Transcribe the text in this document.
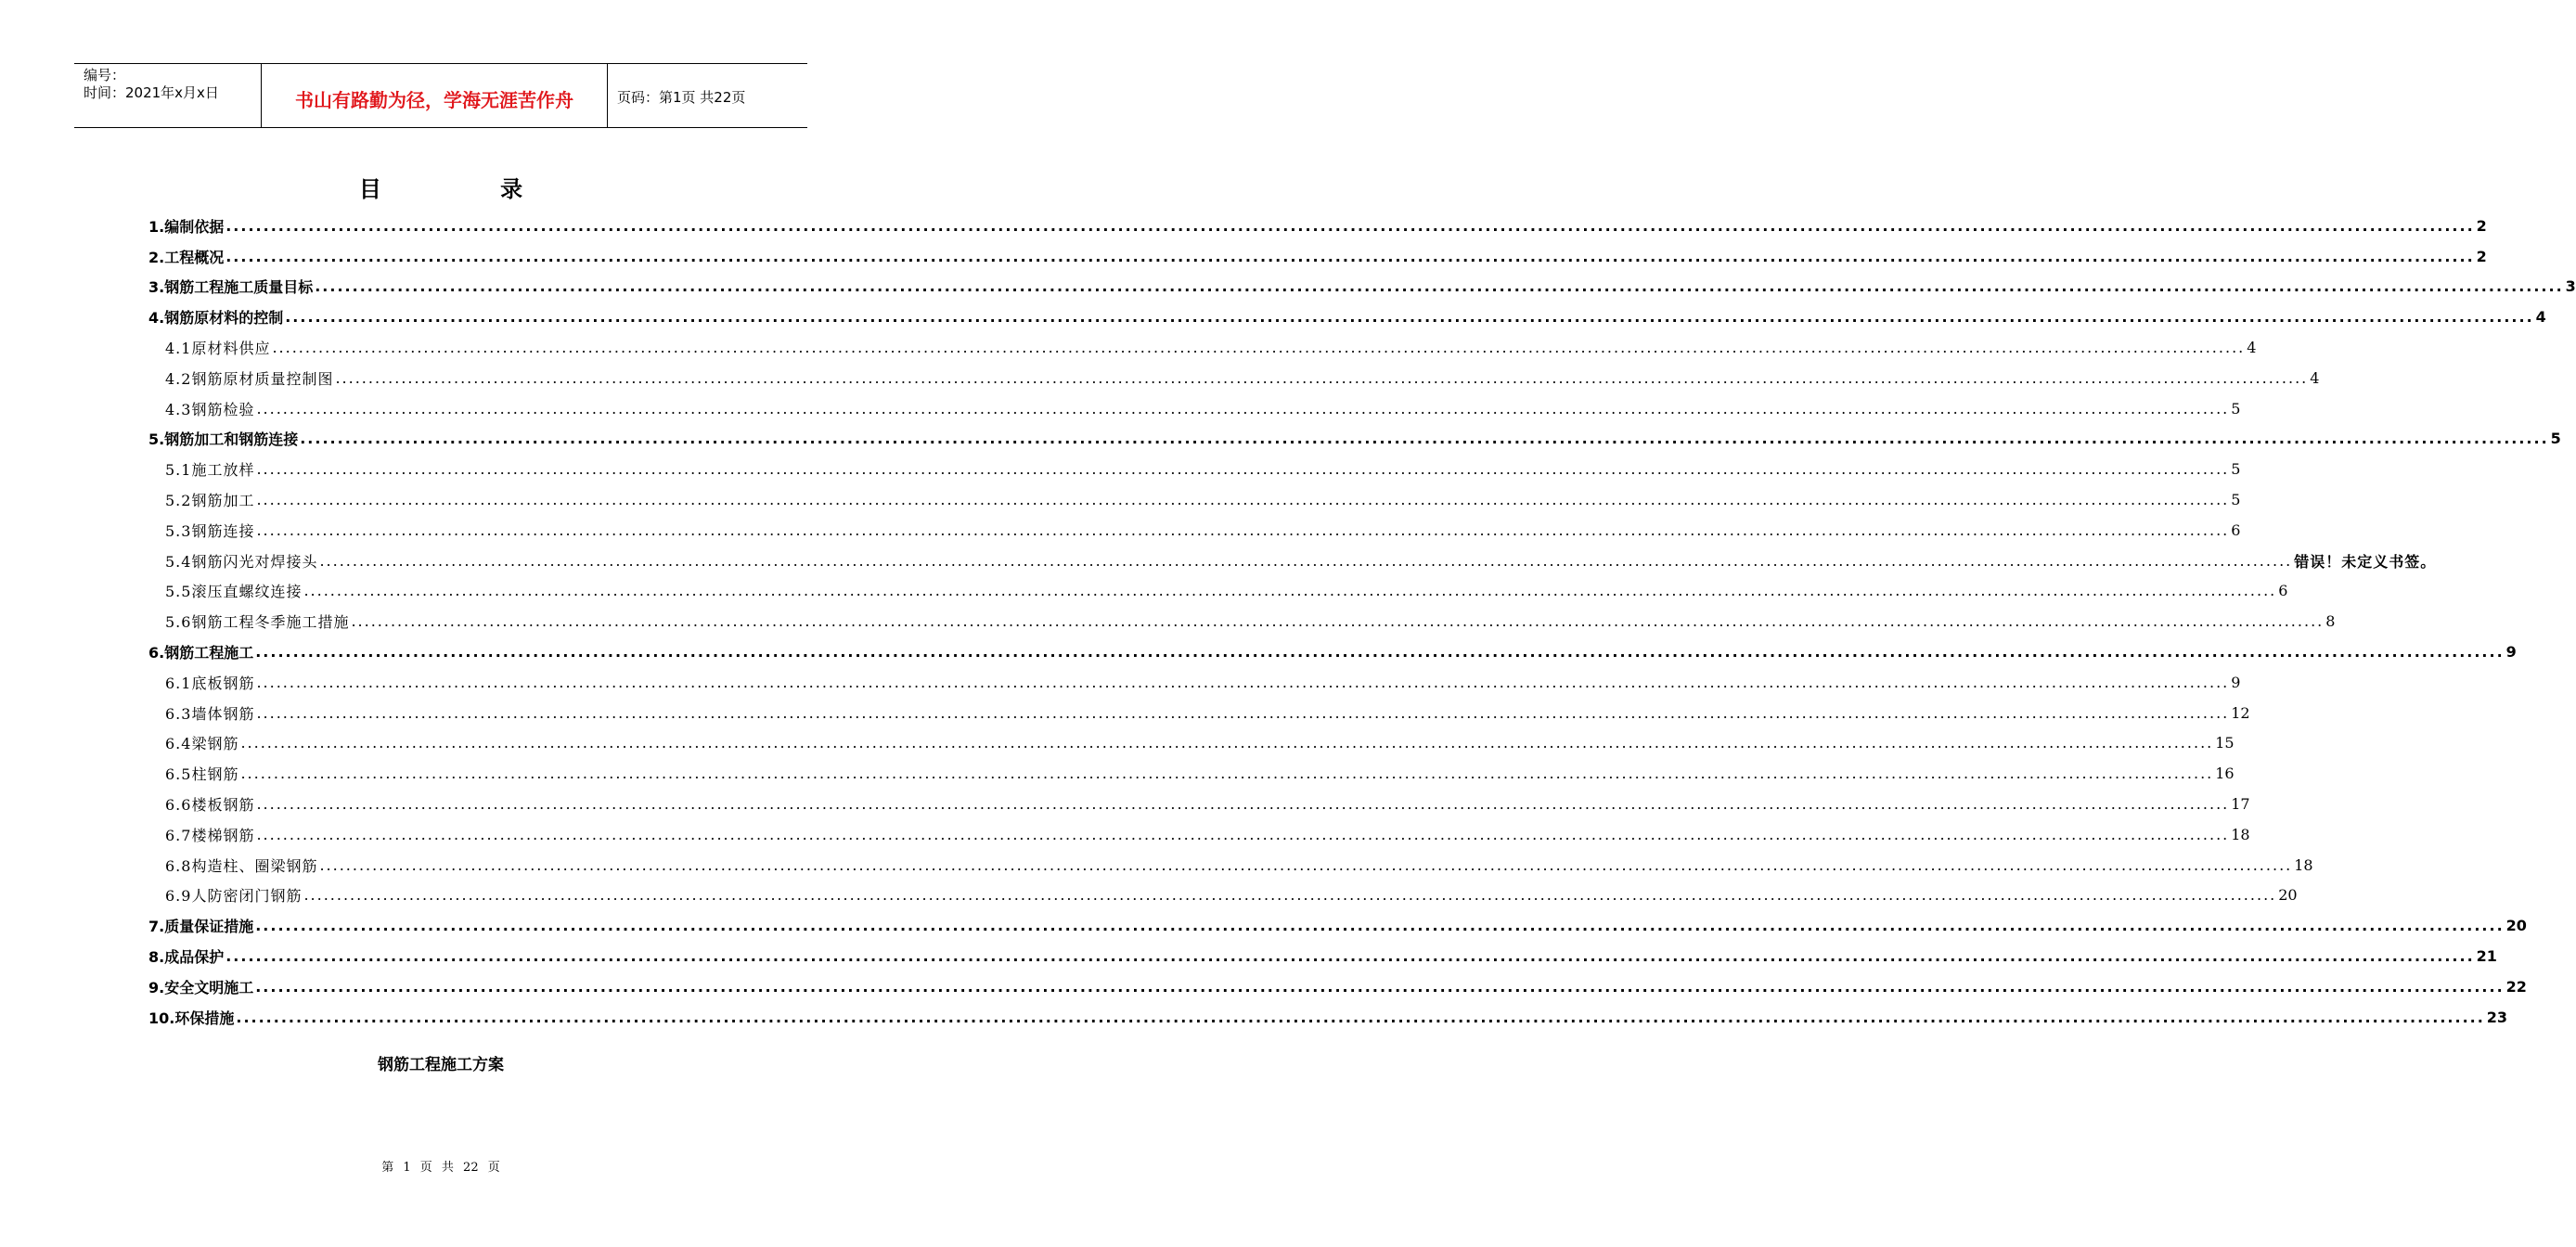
编号：
时间：2021年x月x日	书山有路勤为径，学海无涯苦作舟	页码：第1页 共22页
目 录
1.编制依据 ............................................................................................................................................................................................................................................................................................................ 2
2.工程概况 ............................................................................................................................................................................................................................................................................................................ 2
3.钢筋工程施工质量目标 ............................................................................................................................................................................................................................................................................................................ 3
4.钢筋原材料的控制 ............................................................................................................................................................................................................................................................................................................ 4
4.1原材料供应 ............................................................................................................................................................................................................................................................................................................ 4
4.2钢筋原材质量控制图 ............................................................................................................................................................................................................................................................................................................ 4
4.3钢筋检验 ............................................................................................................................................................................................................................................................................................................ 5
5.钢筋加工和钢筋连接 ............................................................................................................................................................................................................................................................................................................ 5
5.1施工放样 ............................................................................................................................................................................................................................................................................................................ 5
5.2钢筋加工 ............................................................................................................................................................................................................................................................................................................ 5
5.3钢筋连接 ............................................................................................................................................................................................................................................................................................................ 6
5.4钢筋闪光对焊接头 ............................................................................................................................................................................................................................................................................................................ 错误！未定义书签。
5.5滚压直螺纹连接 ............................................................................................................................................................................................................................................................................................................ 6
5.6钢筋工程冬季施工措施 ............................................................................................................................................................................................................................................................................................................ 8
6.钢筋工程施工 ............................................................................................................................................................................................................................................................................................................ 9
6.1底板钢筋 ............................................................................................................................................................................................................................................................................................................ 9
6.3墙体钢筋 ............................................................................................................................................................................................................................................................................................................ 12
6.4梁钢筋 ............................................................................................................................................................................................................................................................................................................ 15
6.5柱钢筋 ............................................................................................................................................................................................................................................................................................................ 16
6.6楼板钢筋 ............................................................................................................................................................................................................................................................................................................ 17
6.7楼梯钢筋 ............................................................................................................................................................................................................................................................................................................ 18
6.8构造柱、圈梁钢筋 ............................................................................................................................................................................................................................................................................................................ 18
6.9人防密闭门钢筋 ............................................................................................................................................................................................................................................................................................................ 20
7.质量保证措施 ............................................................................................................................................................................................................................................................................................................ 20
8.成品保护 ............................................................................................................................................................................................................................................................................................................ 21
9.安全文明施工 ............................................................................................................................................................................................................................................................................................................ 22
10.环保措施 ............................................................................................................................................................................................................................................................................................................ 23
钢筋工程施工方案
第 1 页 共 22 页
